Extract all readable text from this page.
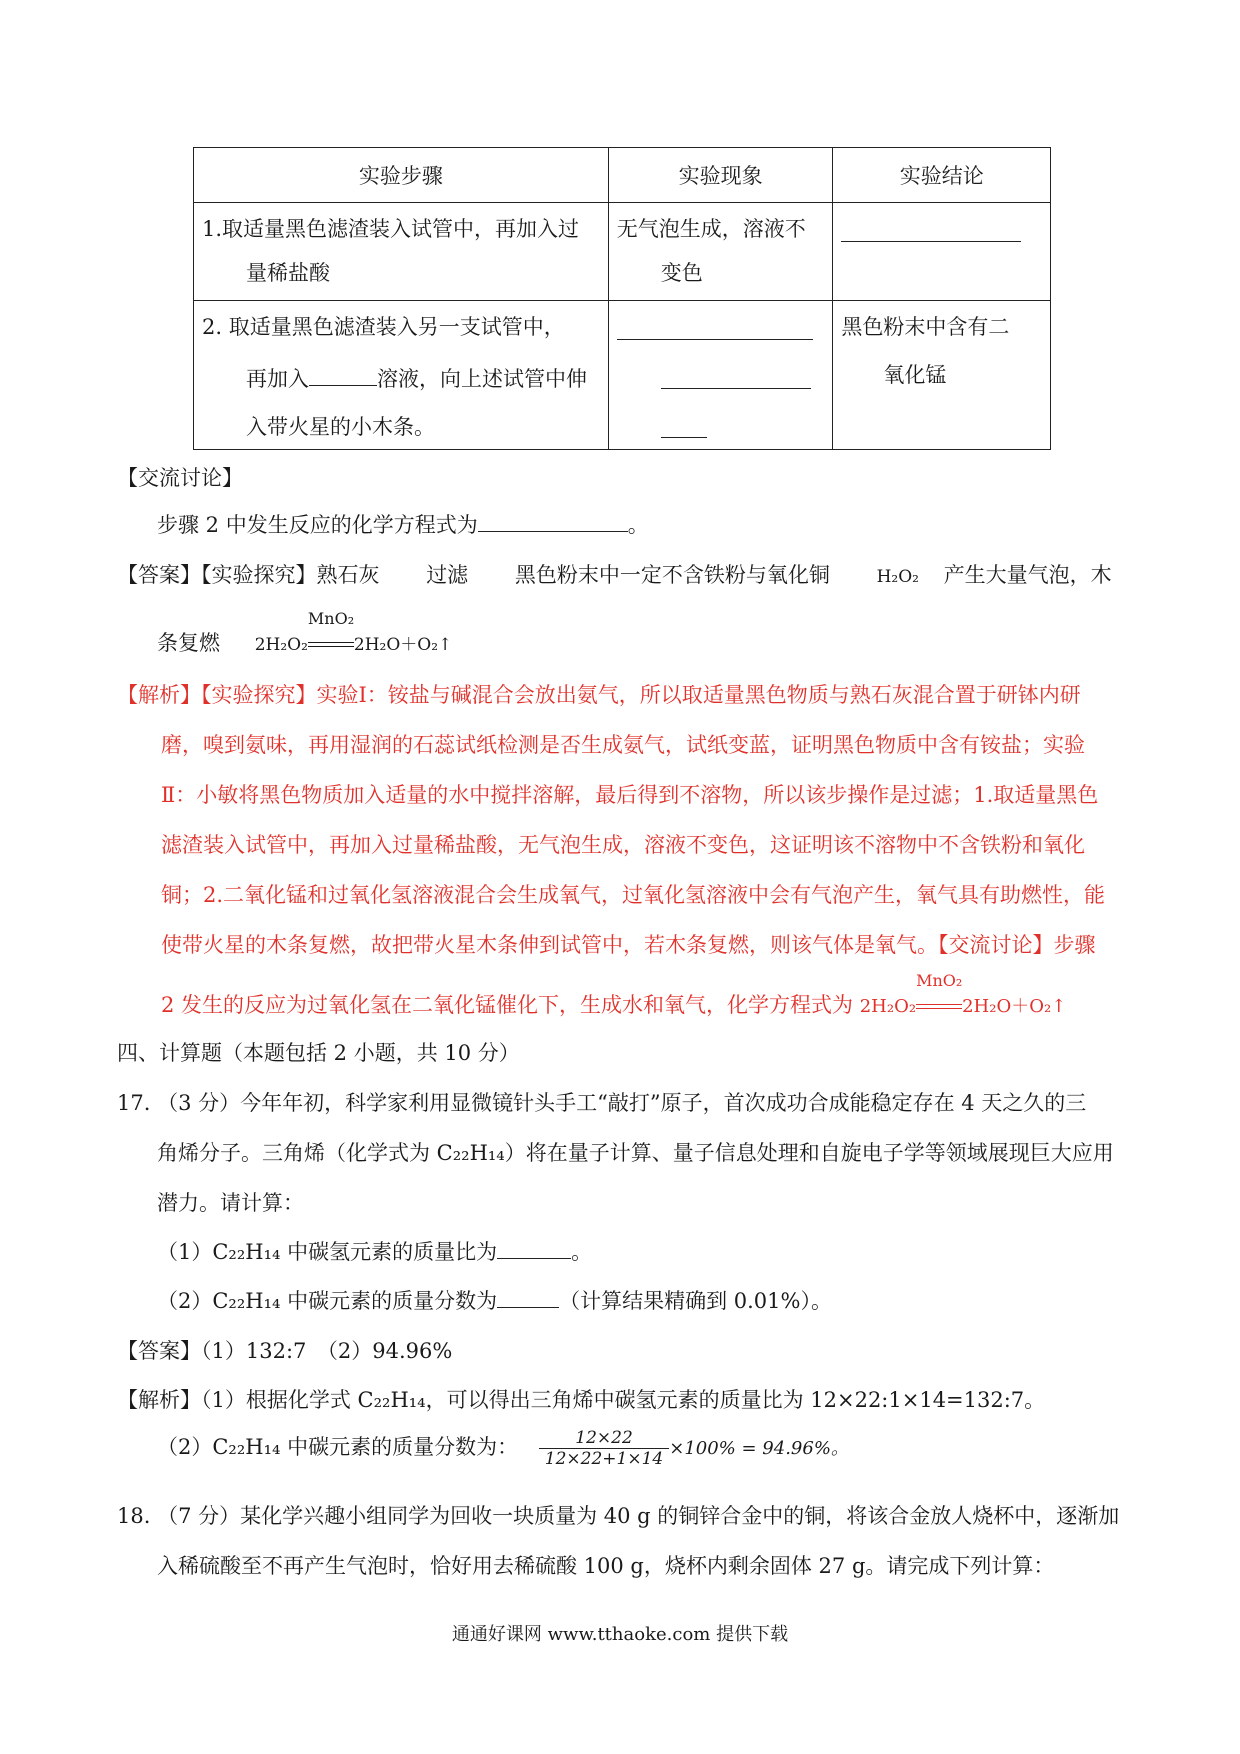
实验步骤	实验现象	实验结论

1.取适量黑色滤渣装入试管中，再加入过
量稀盐酸	无气泡生成，溶液不
变色	

2. 取适量黑色滤渣装入另一支试管中，
再加入 溶液，向上述试管中伸
入带火星的小木条。		黑色粉末中含有二
氧化锰
【交流讨论】
步骤 2 中发生反应的化学方程式为	。
【答案】【实验探究】熟石灰 过滤 黑色粉末中一定不含铁粉与氧化铜	H₂O₂ 产生大量气泡，木
条复燃 2H₂O₂
MnO₂
2H₂O＋O₂↑
【解析】【实验探究】实验Ⅰ：铵盐与碱混合会放出氨气，所以取适量黑色物质与熟石灰混合置于研钵内研
磨，嗅到氨味，再用湿润的石蕊试纸检测是否生成氨气，试纸变蓝，证明黑色物质中含有铵盐；实验
Ⅱ：小敏将黑色物质加入适量的水中搅拌溶解，最后得到不溶物，所以该步操作是过滤；1.取适量黑色
滤渣装入试管中，再加入过量稀盐酸，无气泡生成，溶液不变色，这证明该不溶物中不含铁粉和氧化
铜；2.二氧化锰和过氧化氢溶液混合会生成氧气，过氧化氢溶液中会有气泡产生，氧气具有助燃性，能
使带火星的木条复燃，故把带火星木条伸到试管中，若木条复燃，则该气体是氧气。【交流讨论】步骤
2 发生的反应为过氧化氢在二氧化锰催化下，生成水和氧气，化学方程式为 2H₂O₂
MnO₂
2H₂O＋O₂↑
四、计算题（本题包括 2 小题，共 10 分）
17. （3 分）今年年初，科学家利用显微镜针头手工“敲打”原子，首次成功合成能稳定存在 4 天之久的三
角烯分子。三角烯（化学式为 C₂₂H₁₄）将在量子计算、量子信息处理和自旋电子学等领域展现巨大应用
潜力。请计算：
（1）C₂₂H₁₄ 中碳氢元素的质量比为	。
（2）C₂₂H₁₄ 中碳元素的质量分数为	（计算结果精确到 0.01%）。
【答案】（1）132:7　（2）94.96%
【解析】（1）根据化学式 C₂₂H₁₄，可以得出三角烯中碳氢元素的质量比为 12×22:1×14=132:7。
（2）C₂₂H₁₄ 中碳元素的质量分数为： $\frac{12\times 22}{12\times 22+1\times 14} \times 100\% = 94.96\%$。
18. （7 分）某化学兴趣小组同学为回收一块质量为 40 g 的铜锌合金中的铜，将该合金放人烧杯中，逐渐加
入稀硫酸至不再产生气泡时，恰好用去稀硫酸 100 g，烧杯内剩余固体 27 g。请完成下列计算：
通通好课网 www.tthaoke.com 提供下载
